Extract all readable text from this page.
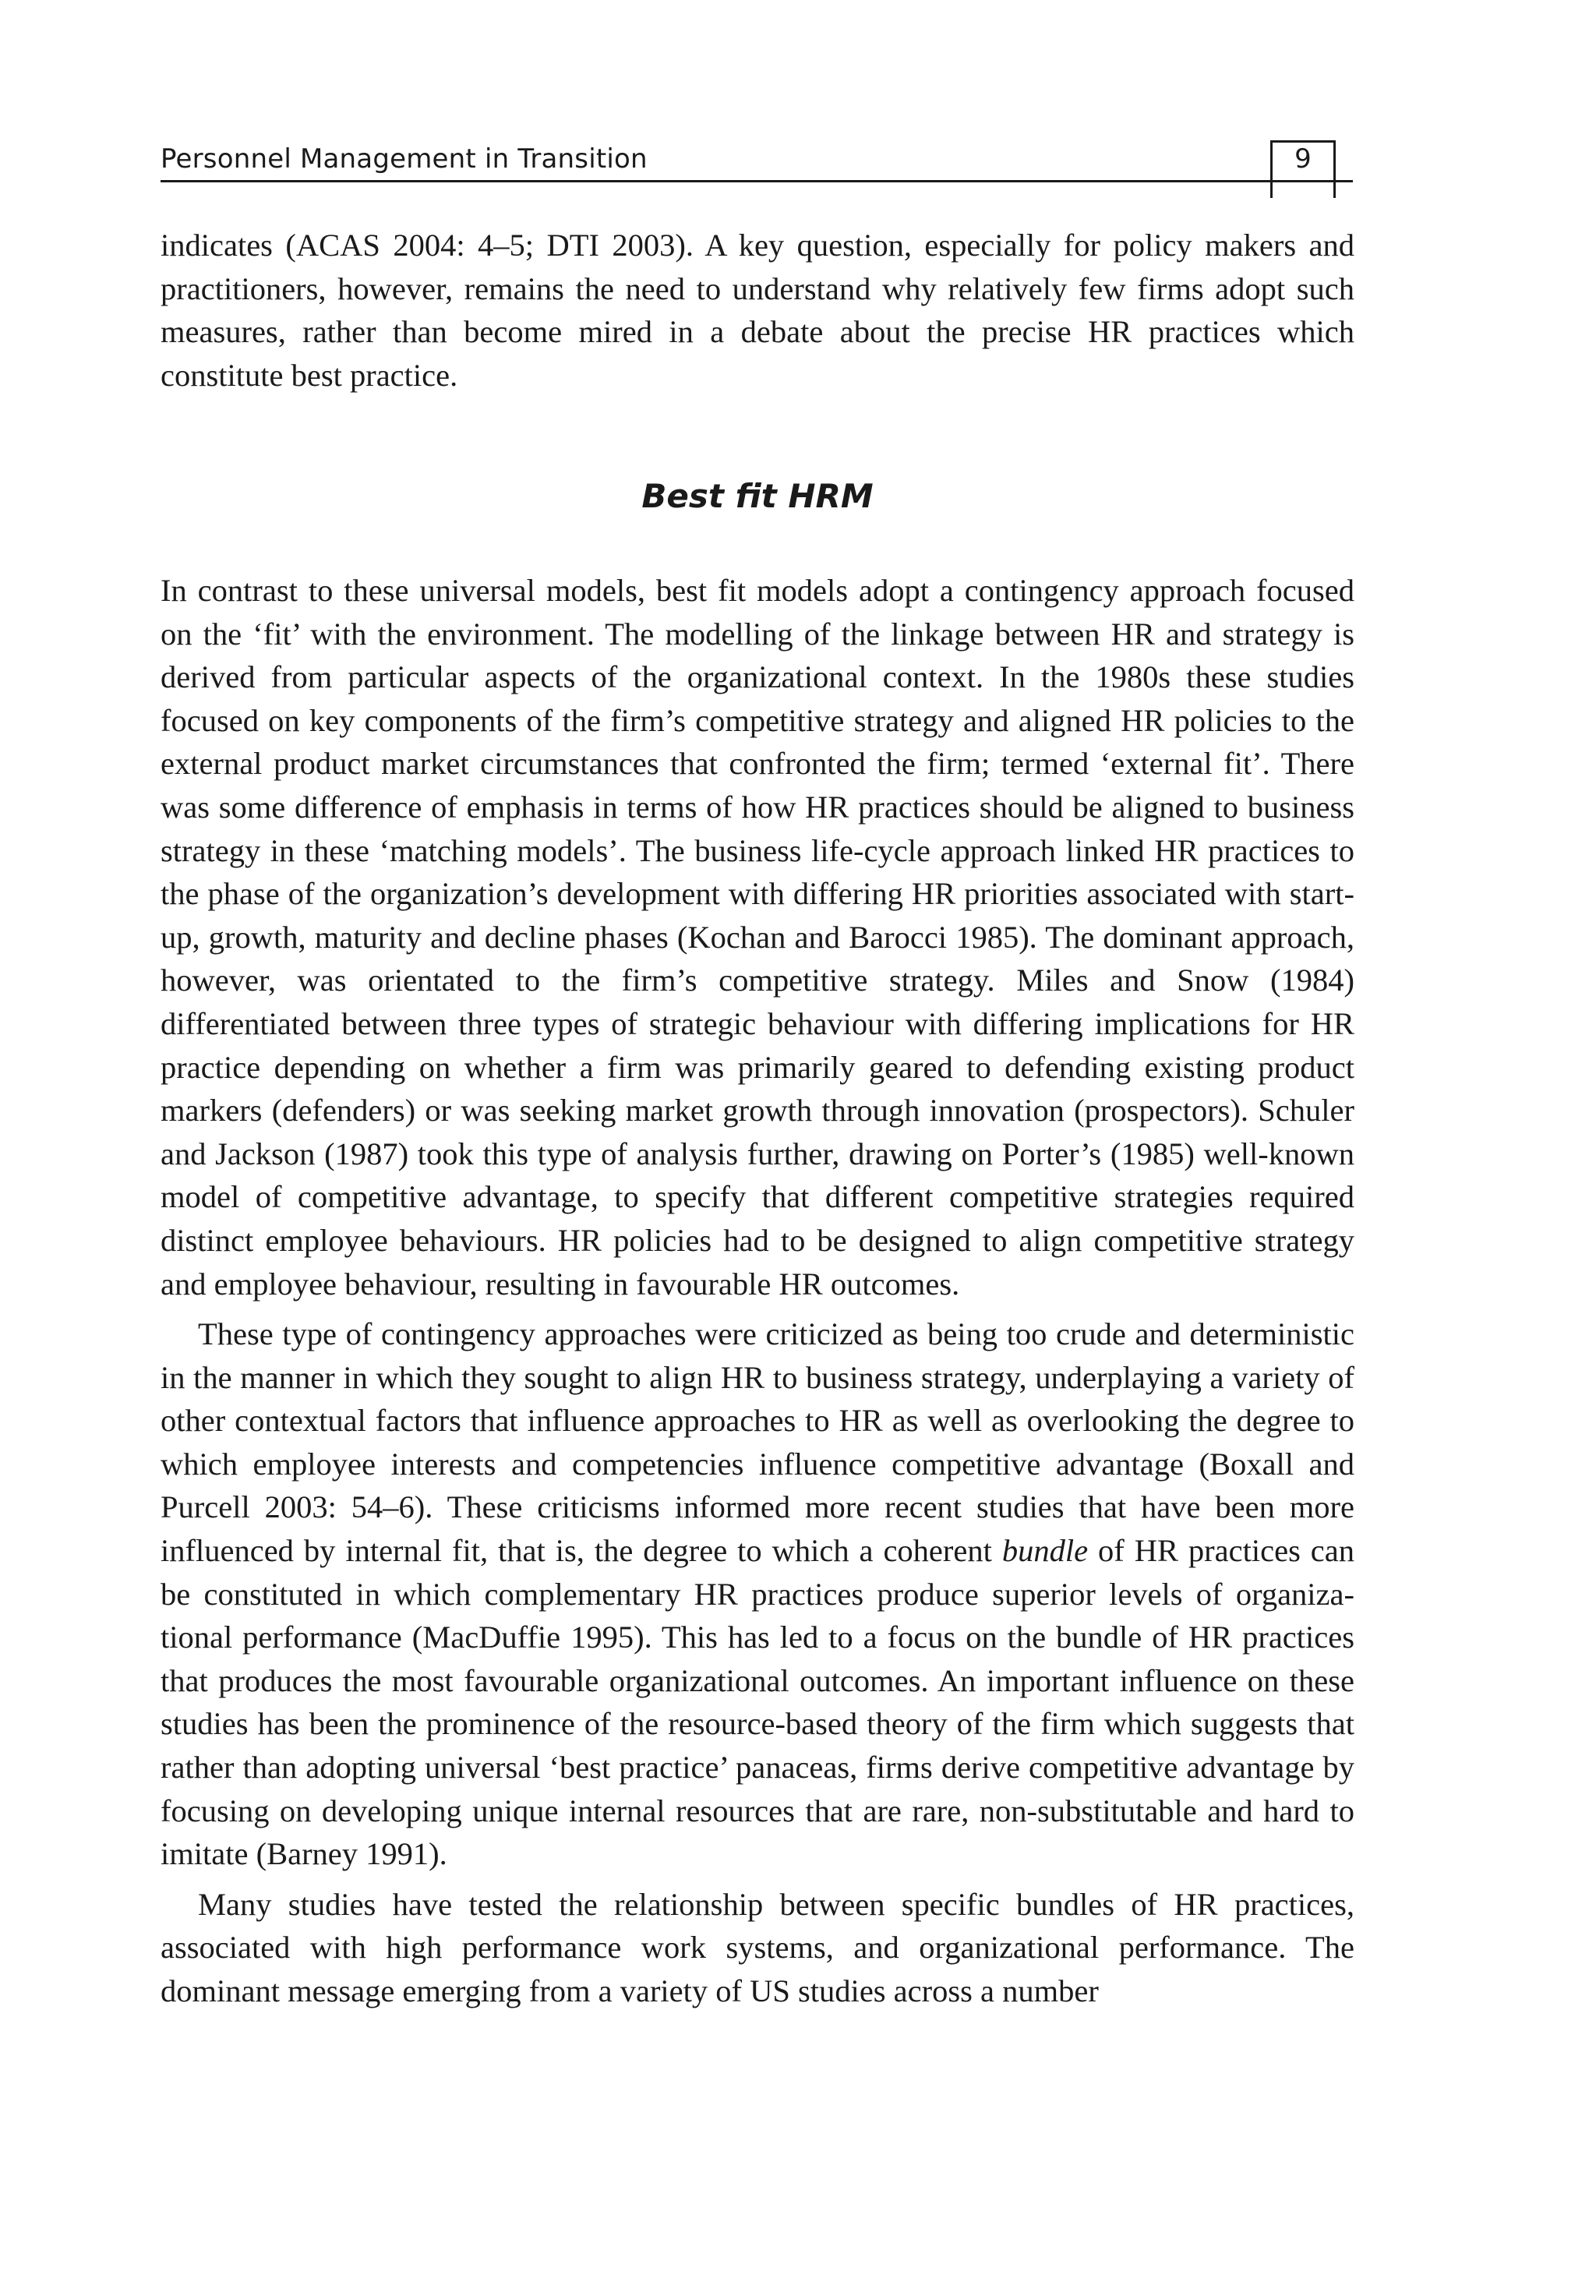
Personnel Management in Transition	9

indicates (ACAS 2004: 4–5; DTI 2003). A key question, especially for policy makers and practitioners, however, remains the need to understand why relatively few firms adopt such measures, rather than become mired in a debate about the precise HR practices which constitute best practice.

Best fit HRM

In contrast to these universal models, best fit models adopt a contingency approach focused on the ‘fit’ with the environment. The modelling of the linkage between HR and strategy is derived from particular aspects of the organizational context. In the 1980s these studies focused on key components of the firm’s competitive strategy and aligned HR policies to the external product market circumstances that confronted the firm; termed ‘external fit’. There was some difference of emphasis in terms of how HR practices should be aligned to business strategy in these ‘matching models’. The business life-cycle approach linked HR practices to the phase of the organization’s development with differing HR priorities associated with start-up, growth, maturity and decline phases (Kochan and Barocci 1985). The dominant approach, however, was orientated to the firm’s competitive strategy. Miles and Snow (1984) differentiated between three types of strategic behaviour with differing implications for HR practice depending on whether a firm was primarily geared to defending existing product markers (defenders) or was seeking market growth through innovation (prospectors). Schuler and Jackson (1987) took this type of analysis further, drawing on Porter’s (1985) well-known model of competitive advantage, to specify that different competitive strategies required distinct employee behaviours. HR policies had to be designed to align competitive strategy and employee behaviour, resulting in favourable HR outcomes.

These type of contingency approaches were criticized as being too crude and deterministic in the manner in which they sought to align HR to business strategy, underplaying a variety of other contextual factors that influence approaches to HR as well as overlooking the degree to which employee interests and competencies influence competitive advantage (Boxall and Purcell 2003: 54–6). These criticisms informed more recent studies that have been more influenced by internal fit, that is, the degree to which a coherent bundle of HR practices can be constituted in which complementary HR practices produce superior levels of organizational performance (MacDuffie 1995). This has led to a focus on the bundle of HR practices that produces the most favourable organizational outcomes. An important influence on these studies has been the prominence of the resource-based theory of the firm which suggests that rather than adopting universal ‘best practice’ panaceas, firms derive competitive advantage by focusing on developing unique internal resources that are rare, non-substitutable and hard to imitate (Barney 1991).

Many studies have tested the relationship between specific bundles of HR practices, associated with high performance work systems, and organizational performance. The dominant message emerging from a variety of US studies across a number
